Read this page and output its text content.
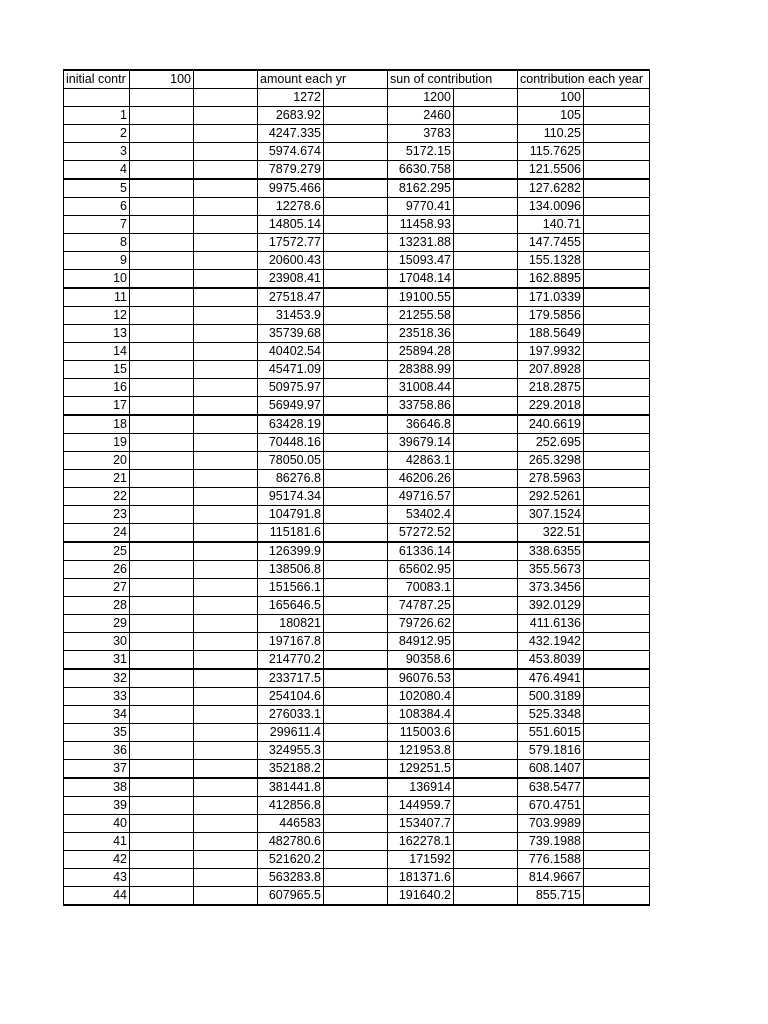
initial contr	100		amount each yr		sun of contribution		contribution each year	
			1272		1200		100	
1			2683.92		2460		105	
2			4247.335		3783		110.25	
3			5974.674		5172.15		115.7625	
4			7879.279		6630.758		121.5506	
5			9975.466		8162.295		127.6282	
6			12278.6		9770.41		134.0096	
7			14805.14		11458.93		140.71	
8			17572.77		13231.88		147.7455	
9			20600.43		15093.47		155.1328	
10			23908.41		17048.14		162.8895	
11			27518.47		19100.55		171.0339	
12			31453.9		21255.58		179.5856	
13			35739.68		23518.36		188.5649	
14			40402.54		25894.28		197.9932	
15			45471.09		28388.99		207.8928	
16			50975.97		31008.44		218.2875	
17			56949.97		33758.86		229.2018	
18			63428.19		36646.8		240.6619	
19			70448.16		39679.14		252.695	
20			78050.05		42863.1		265.3298	
21			86276.8		46206.26		278.5963	
22			95174.34		49716.57		292.5261	
23			104791.8		53402.4		307.1524	
24			115181.6		57272.52		322.51	
25			126399.9		61336.14		338.6355	
26			138506.8		65602.95		355.5673	
27			151566.1		70083.1		373.3456	
28			165646.5		74787.25		392.0129	
29			180821		79726.62		411.6136	
30			197167.8		84912.95		432.1942	
31			214770.2		90358.6		453.8039	
32			233717.5		96076.53		476.4941	
33			254104.6		102080.4		500.3189	
34			276033.1		108384.4		525.3348	
35			299611.4		115003.6		551.6015	
36			324955.3		121953.8		579.1816	
37			352188.2		129251.5		608.1407	
38			381441.8		136914		638.5477	
39			412856.8		144959.7		670.4751	
40			446583		153407.7		703.9989	
41			482780.6		162278.1		739.1988	
42			521620.2		171592		776.1588	
43			563283.8		181371.6		814.9667	
44			607965.5		191640.2		855.715	
